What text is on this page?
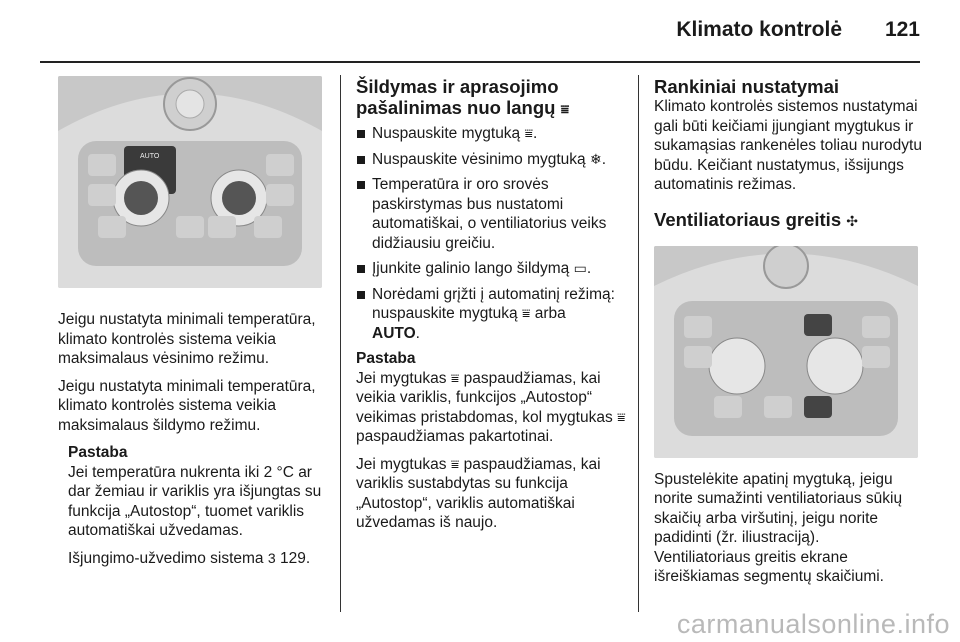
Klimato kontrolė 121
AUTO

Jeigu nustatyta minimali temperatūra, klimato kontrolės sistema veikia maksimalaus vėsinimo režimu.

Jeigu nustatyta minimali temperatūra, klimato kontrolės sistema veikia maksimalaus šildymo režimu.

Pastaba

Jei temperatūra nukrenta iki 2 °C ar dar žemiau ir variklis yra išjungtas su funkcija „Autostop“, tuomet variklis automatiškai užvedamas.

Išjungimo-užvedimo sistema 3 129.

Šildymas ir aprasojimo pašalinimas nuo langų ⩸
Nuspauskite mygtuką ⩸.
Nuspauskite vėsinimo mygtuką ❄.
Temperatūra ir oro srovės paskirstymas bus nustatomi automatiškai, o ventiliatorius veiks didžiausiu greičiu.
Įjunkite galinio lango šildymą ▭.
Norėdami grįžti į automatinį režimą: nuspauskite mygtuką ⩸ arba
AUTO.
Pastaba

Jei mygtukas ⩸ paspaudžiamas, kai veikia variklis, funkcijos „Autostop“ veikimas pristabdomas, kol mygtukas ⩸ paspaudžiamas pakartotinai.

Jei mygtukas ⩸ paspaudžiamas, kai variklis sustabdytas su funkcija „Autostop“, variklis automatiškai užvedamas iš naujo.

Rankiniai nustatymai

Klimato kontrolės sistemos nustatymai gali būti keičiami įjungiant mygtukus ir sukamąsias rankenėles toliau nurodytu būdu. Keičiant nustatymus, išsijungs automatinis režimas.

Ventiliatoriaus greitis ✣

Spustelėkite apatinį mygtuką, jeigu norite sumažinti ventiliatoriaus sūkių skaičių arba viršutinį, jeigu norite padidinti (žr. iliustraciją).

Ventiliatoriaus greitis ekrane išreiškiamas segmentų skaičiumi.

carmanualsonline.info
